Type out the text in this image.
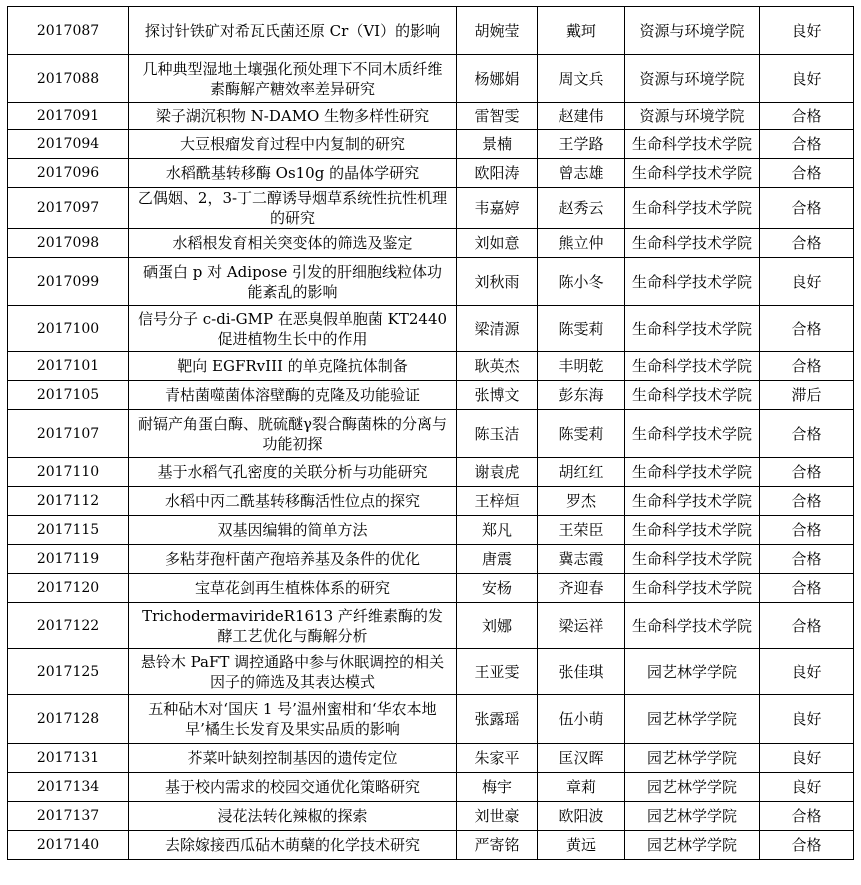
2017087	探讨针铁矿对希瓦氏菌还原 Cr（VI）的影响	胡婉莹	戴珂	资源与环境学院	良好
2017088	几种典型湿地土壤强化预处理下不同木质纤维素酶解产糖效率差异研究	杨娜娟	周文兵	资源与环境学院	良好
2017091	梁子湖沉积物 N-DAMO 生物多样性研究	雷智雯	赵建伟	资源与环境学院	合格
2017094	大豆根瘤发育过程中内复制的研究	景楠	王学路	生命科学技术学院	合格
2017096	水稻酰基转移酶 Os10g 的晶体学研究	欧阳涛	曾志雄	生命科学技术学院	合格
2017097	乙偶姻、2，3-丁二醇诱导烟草系统性抗性机理的研究	韦嘉婷	赵秀云	生命科学技术学院	合格
2017098	水稻根发育相关突变体的筛选及鉴定	刘如意	熊立仲	生命科学技术学院	合格
2017099	硒蛋白 p 对 Adipose 引发的肝细胞线粒体功能紊乱的影响	刘秋雨	陈小冬	生命科学技术学院	良好
2017100	信号分子 c-di-GMP 在恶臭假单胞菌 KT2440 促进植物生长中的作用	梁清源	陈雯莉	生命科学技术学院	合格
2017101	靶向 EGFRvIII 的单克隆抗体制备	耿英杰	丰明乾	生命科学技术学院	合格
2017105	青枯菌噬菌体溶壁酶的克隆及功能验证	张博文	彭东海	生命科学技术学院	滞后
2017107	耐镉产角蛋白酶、胱硫醚γ裂合酶菌株的分离与功能初探	陈玉洁	陈雯莉	生命科学技术学院	合格
2017110	基于水稻气孔密度的关联分析与功能研究	谢袁虎	胡红红	生命科学技术学院	合格
2017112	水稻中丙二酰基转移酶活性位点的探究	王梓烜	罗杰	生命科学技术学院	合格
2017115	双基因编辑的简单方法	郑凡	王荣臣	生命科学技术学院	合格
2017119	多粘芽孢杆菌产孢培养基及条件的优化	唐震	冀志霞	生命科学技术学院	合格
2017120	宝草花剑再生植株体系的研究	安杨	齐迎春	生命科学技术学院	合格
2017122	TrichodermavirideR1613 产纤维素酶的发酵工艺优化与酶解分析	刘娜	梁运祥	生命科学技术学院	合格
2017125	悬铃木 PaFT 调控通路中参与休眠调控的相关因子的筛选及其表达模式	王亚雯	张佳琪	园艺林学学院	良好
2017128	五种砧木对‘国庆 1 号’温州蜜柑和‘华农本地早’橘生长发育及果实品质的影响	张露瑶	伍小萌	园艺林学学院	良好
2017131	芥菜叶缺刻控制基因的遗传定位	朱家平	匡汉晖	园艺林学学院	良好
2017134	基于校内需求的校园交通优化策略研究	梅宇	章莉	园艺林学学院	良好
2017137	浸花法转化辣椒的探索	刘世豪	欧阳波	园艺林学学院	合格
2017140	去除嫁接西瓜砧木萌蘖的化学技术研究	严寄铭	黄远	园艺林学学院	合格
